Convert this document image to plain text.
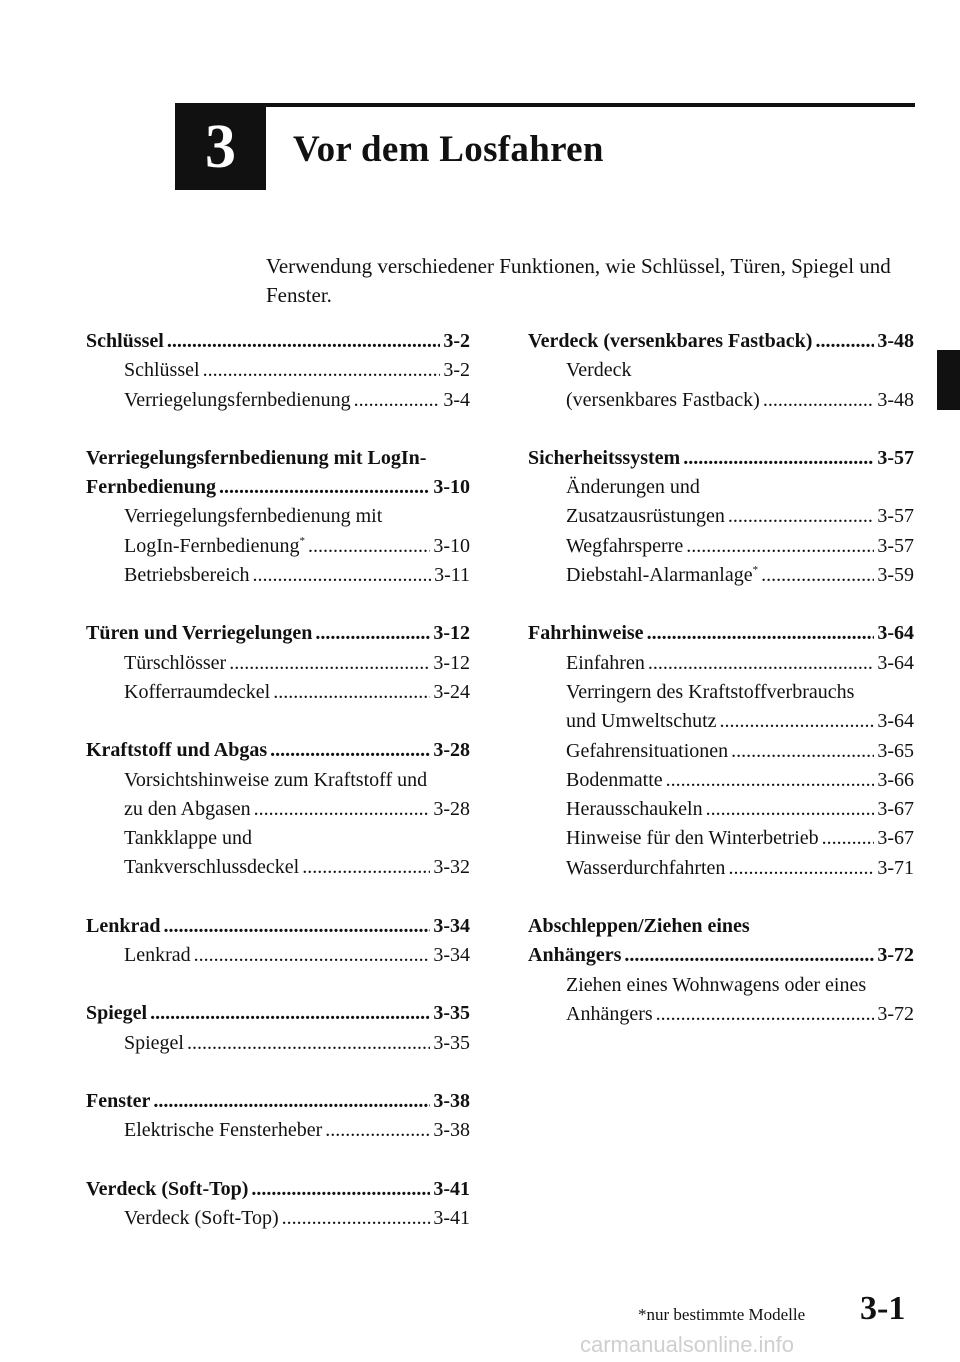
3 Vor dem Losfahren
Verwendung verschiedener Funktionen, wie Schlüssel, Türen, Spiegel und Fenster.
Schlüssel .....	3-2
Schlüssel .....	3-2
Verriegelungsfernbedienung .....	3-4
Verriegelungsfernbedienung mit LogIn-
Fernbedienung .....	3-10
Verriegelungsfernbedienung mit
LogIn-Fernbedienung* .....	3-10
Betriebsbereich .....	3-11
Türen und Verriegelungen .....	3-12
Türschlösser .....	3-12
Kofferraumdeckel .....	3-24
Kraftstoff und Abgas .....	3-28
Vorsichtshinweise zum Kraftstoff und
zu den Abgasen .....	3-28
Tankklappe und
Tankverschlussdeckel .....	3-32
Lenkrad .....	3-34
Lenkrad .....	3-34
Spiegel .....	3-35
Spiegel .....	3-35
Fenster .....	3-38
Elektrische Fensterheber .....	3-38
Verdeck (Soft-Top) .....	3-41
Verdeck (Soft-Top) .....	3-41
Verdeck (versenkbares Fastback) .....	3-48
Verdeck
(versenkbares Fastback) .....	3-48
Sicherheitssystem .....	3-57
Änderungen und
Zusatzausrüstungen .....	3-57
Wegfahrsperre .....	3-57
Diebstahl-Alarmanlage* .....	3-59
Fahrhinweise .....	3-64
Einfahren .....	3-64
Verringern des Kraftstoffverbrauchs
und Umweltschutz .....	3-64
Gefahrensituationen .....	3-65
Bodenmatte .....	3-66
Herausschaukeln .....	3-67
Hinweise für den Winterbetrieb .....	3-67
Wasserdurchfahrten .....	3-71
Abschleppen/Ziehen eines
Anhängers .....	3-72
Ziehen eines Wohnwagens oder eines
Anhängers .....	3-72
*nur bestimmte Modelle 3-1
carmanualsonline.info
